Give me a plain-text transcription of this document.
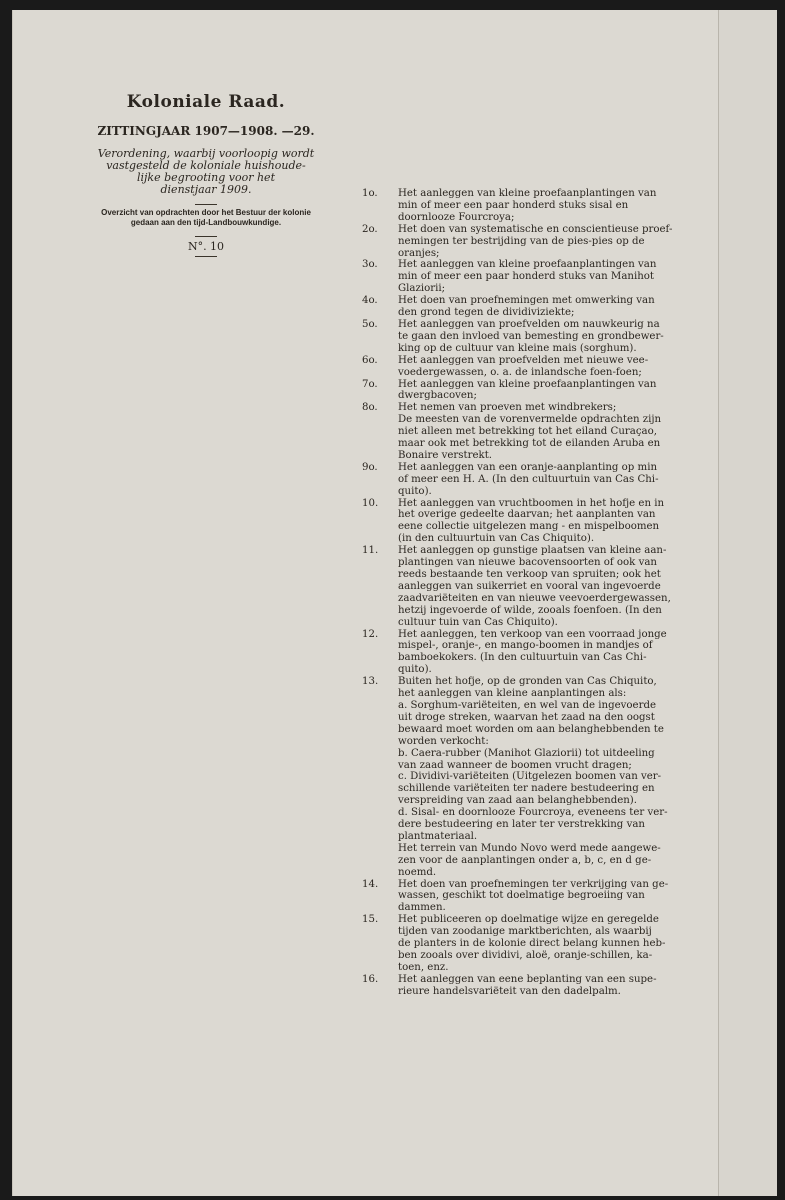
Koloniale Raad.
ZITTINGJAAR 1907—1908. —29.
Verordening, waarbij voorloopig wordt
vastgesteld de koloniale huishoude-
lijke begrooting voor het
dienstjaar 1909.
Overzicht van opdrachten door het Bestuur der kolonie
gedaan aan den tijd-Landbouwkundige.
N°. 10
1o.	Het aanleggen van kleine proefaanplantingen van
min of meer een paar honderd stuks sisal en
doornlooze Fourcroya;
2o.	Het doen van systematische en conscientieuse proef-
nemingen ter bestrijding van de pies-pies op de
oranjes;
3o.	Het aanleggen van kleine proefaanplantingen van
min of meer een paar honderd stuks van Manihot
Glaziorii;
4o.	Het doen van proefnemingen met omwerking van
den grond tegen de dividiviziekte;
5o.	Het aanleggen van proefvelden om nauwkeurig na
te gaan den invloed van bemesting en grondbewer-
king op de cultuur van kleine mais (sorghum).
6o.	Het aanleggen van proefvelden met nieuwe vee-
voedergewassen, o. a. de inlandsche foen-foen;
7o.	Het aanleggen van kleine proefaanplantingen van
dwergbacoven;
8o.	Het nemen van proeven met windbrekers;
De meesten van de vorenvermelde opdrachten zijn
niet alleen met betrekking tot het eiland Curaçao,
maar ook met betrekking tot de eilanden Aruba en
Bonaire verstrekt.
9o.	Het aanleggen van een oranje-aanplanting op min
of meer een H. A. (In den cultuurtuin van Cas Chi-
quito).
10.	Het aanleggen van vruchtboomen in het hofje en in
het overige gedeelte daarvan; het aanplanten van
eene collectie uitgelezen mang - en mispelboomen
(in den cultuurtuin van Cas Chiquito).
11.	Het aanleggen op gunstige plaatsen van kleine aan-
plantingen van nieuwe bacovensoorten of ook van
reeds bestaande ten verkoop van spruiten; ook het
aanleggen van suikerriet en vooral van ingevoerde
zaadvariëteiten en van nieuwe veevoerdergewassen,
hetzij ingevoerde of wilde, zooals foenfoen. (In den
cultuur tuin van Cas Chiquito).
12.	Het aanleggen, ten verkoop van een voorraad jonge
mispel-, oranje-, en mango-boomen in mandjes of
bamboekokers. (In den cultuurtuin van Cas Chi-
quito).
13.	Buiten het hofje, op de gronden van Cas Chiquito,
het aanleggen van kleine aanplantingen als:
a. Sorghum-variëteiten, en wel van de ingevoerde
uit droge streken, waarvan het zaad na den oogst
bewaard moet worden om aan belanghebbenden te
worden verkocht:
b. Caera-rubber (Manihot Glaziorii) tot uitdeeling
van zaad wanneer de boomen vrucht dragen;
c. Dividivi-variëteiten (Uitgelezen boomen van ver-
schillende variëteiten ter nadere bestudeering en
verspreiding van zaad aan belanghebbenden).
d. Sisal- en doornlooze Fourcroya, eveneens ter ver-
dere bestudeering en later ter verstrekking van
plantmateriaal.
Het terrein van Mundo Novo werd mede aangewe-
zen voor de aanplantingen onder a, b, c, en d ge-
noemd.
14.	Het doen van proefnemingen ter verkrijging van ge-
wassen, geschikt tot doelmatige begroeiing van
dammen.
15.	Het publiceeren op doelmatige wijze en geregelde
tijden van zoodanige marktberichten, als waarbij
de planters in de kolonie direct belang kunnen heb-
ben zooals over dividivi, aloë, oranje-schillen, ka-
toen, enz.
16.	Het aanleggen van eene beplanting van een supe-
rieure handelsvariëteit van den dadelpalm.
